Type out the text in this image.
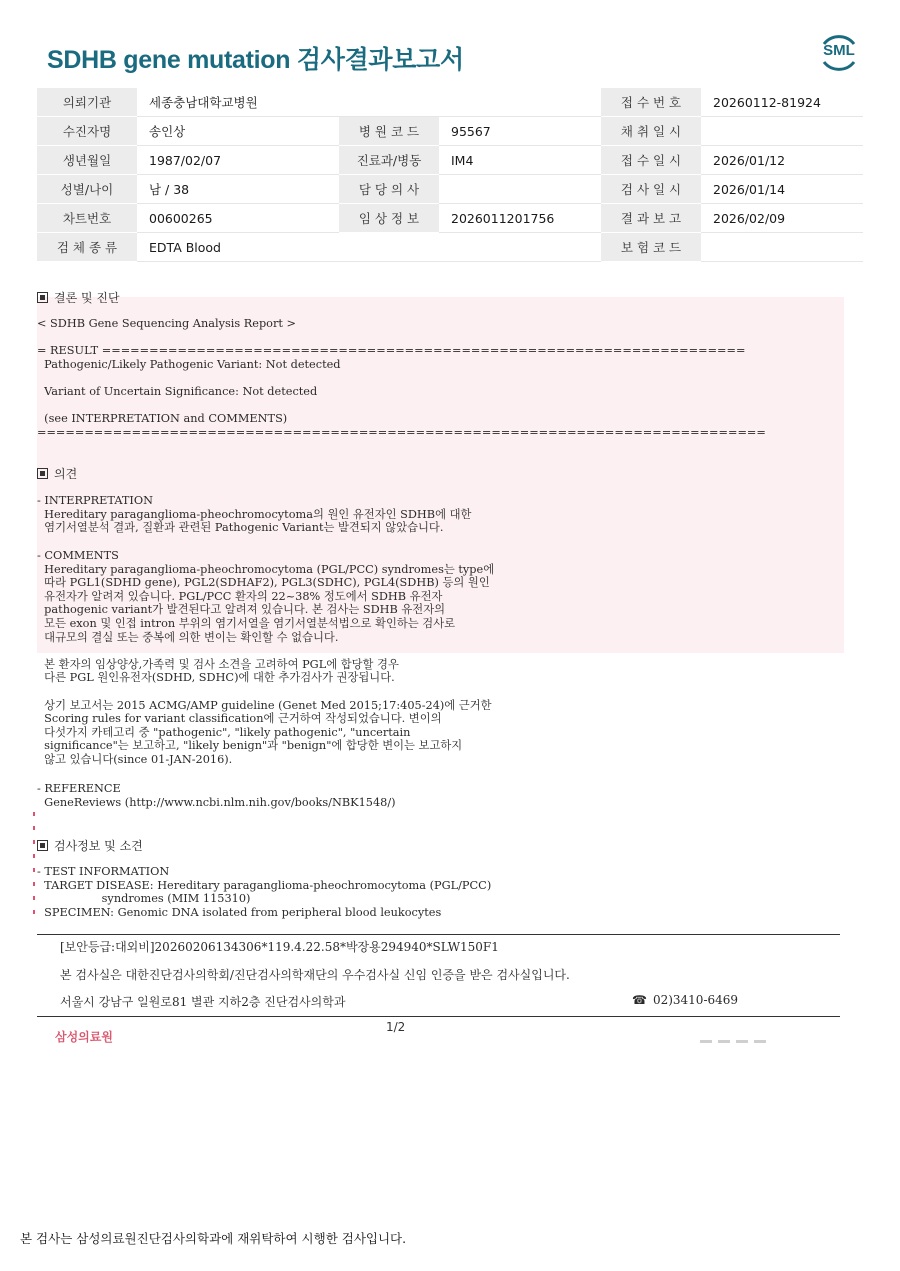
SDHB gene mutation 검사결과보고서	SML
의뢰기관	세종충남대학교병원			접 수 번 호	20260112-81924
수진자명	송인상	병 원 코 드	95567	채 취 일 시	
생년월일	1987/02/07	진료과/병동	IM4	접 수 일 시	2026/01/12
성별/나이	남 / 38	담 당 의 사		검 사 일 시	2026/01/14
차트번호	00600265	임 상 정 보	2026011201756	결 과 보 고	2026/02/09
검 체 종 류	EDTA Blood			보 험 코 드	
결론 및 진단
< SDHB Gene Sequencing Analysis Report >

= RESULT ====================================================================
Pathogenic/Likely Pathogenic Variant: Not detected

Variant of Uncertain Significance: Not detected

(see INTERPRETATION and COMMENTS)
=============================================================================
의견
- INTERPRETATION
Hereditary paraganglioma-pheochromocytoma의 원인 유전자인 SDHB에 대한
염기서열분석 결과, 질환과 관련된 Pathogenic Variant는 발견되지 않았습니다.
- COMMENTS
Hereditary paraganglioma-pheochromocytoma (PGL/PCC) syndromes는 type에
따라 PGL1(SDHD gene), PGL2(SDHAF2), PGL3(SDHC), PGL4(SDHB) 등의 원인
유전자가 알려져 있습니다. PGL/PCC 환자의 22~38% 정도에서 SDHB 유전자
pathogenic variant가 발견된다고 알려져 있습니다. 본 검사는 SDHB 유전자의
모든 exon 및 인접 intron 부위의 염기서열을 염기서열분석법으로 확인하는 검사로
대규모의 결실 또는 중복에 의한 변이는 확인할 수 없습니다.

본 환자의 임상양상,가족력 및 검사 소견을 고려하여 PGL에 합당할 경우
다른 PGL 원인유전자(SDHD, SDHC)에 대한 추가검사가 권장됩니다.

상기 보고서는 2015 ACMG/AMP guideline (Genet Med 2015;17:405-24)에 근거한
Scoring rules for variant classification에 근거하여 작성되었습니다. 변이의
다섯가지 카테고리 중 "pathogenic", "likely pathogenic", "uncertain
significance"는 보고하고, "likely benign"과 "benign"에 합당한 변이는 보고하지
않고 있습니다(since 01-JAN-2016).
- REFERENCE
GeneReviews (http://www.ncbi.nlm.nih.gov/books/NBK1548/)
검사정보 및 소견
- TEST INFORMATION
TARGET DISEASE: Hereditary paraganglioma-pheochromocytoma (PGL/PCC)
syndromes (MIM 115310)
SPECIMEN: Genomic DNA isolated from peripheral blood leukocytes
[보안등급:대외비]20260206134306*119.4.22.58*박장용294940*SLW150F1
본 검사실은 대한진단검사의학회/진단검사의학재단의 우수검사실 신임 인증을 받은 검사실입니다.
서울시 강남구 일원로81 별관 지하2층 진단검사의학과	☎ 02)3410-6469
1/2
삼성의료원
본 검사는 삼성의료원진단검사의학과에 재위탁하여 시행한 검사입니다.
